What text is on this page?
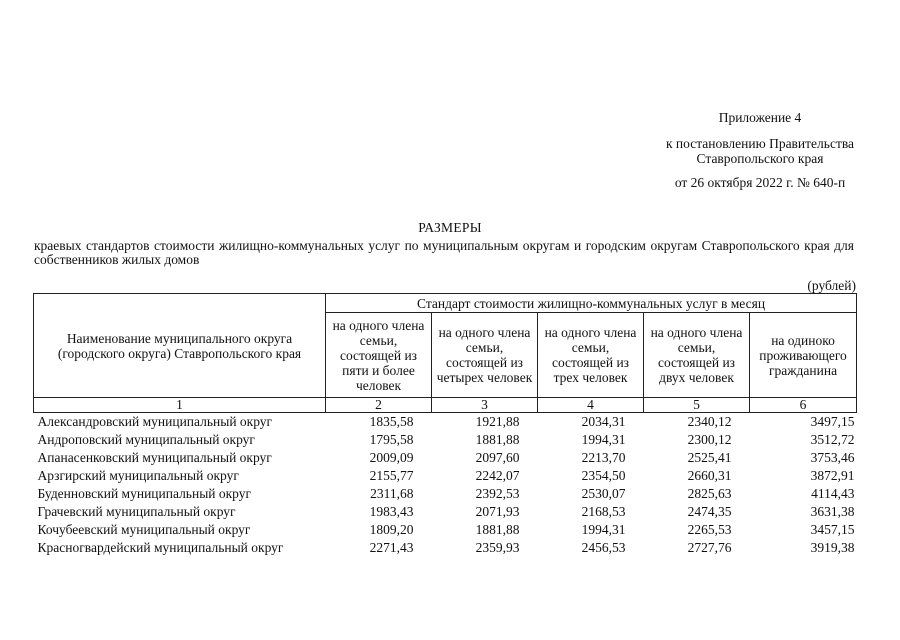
Приложение 4
к постановлению Правительства
Ставропольского края
от 26 октября 2022 г. № 640-п
РАЗМЕРЫ
краевых стандартов стоимости жилищно-коммунальных услуг по муниципальным округам и городским округам Ставропольского края для собственников жилых домов
(рублей)
Наименование муниципального округа (городского округа) Ставропольского края	Стандарт стоимости жилищно-коммунальных услуг в месяц				
	на одного члена семьи, состоящей из пяти и более человек	на одного члена семьи, состоящей из четырех человек	на одного члена семьи, состоящей из трех человек	на одного члена семьи, состоящей из двух человек	на одиноко проживающего гражданина
1	2	3	4	5	6
Александровский муниципальный округ	1835,58	1921,88	2034,31	2340,12	3497,15
Андроповский муниципальный округ	1795,58	1881,88	1994,31	2300,12	3512,72
Апанасенковский муниципальный округ	2009,09	2097,60	2213,70	2525,41	3753,46
Арзгирский муниципальный округ	2155,77	2242,07	2354,50	2660,31	3872,91
Буденновский муниципальный округ	2311,68	2392,53	2530,07	2825,63	4114,43
Грачевский муниципальный округ	1983,43	2071,93	2168,53	2474,35	3631,38
Кочубеевский муниципальный округ	1809,20	1881,88	1994,31	2265,53	3457,15
Красногвардейский муниципальный округ	2271,43	2359,93	2456,53	2727,76	3919,38
